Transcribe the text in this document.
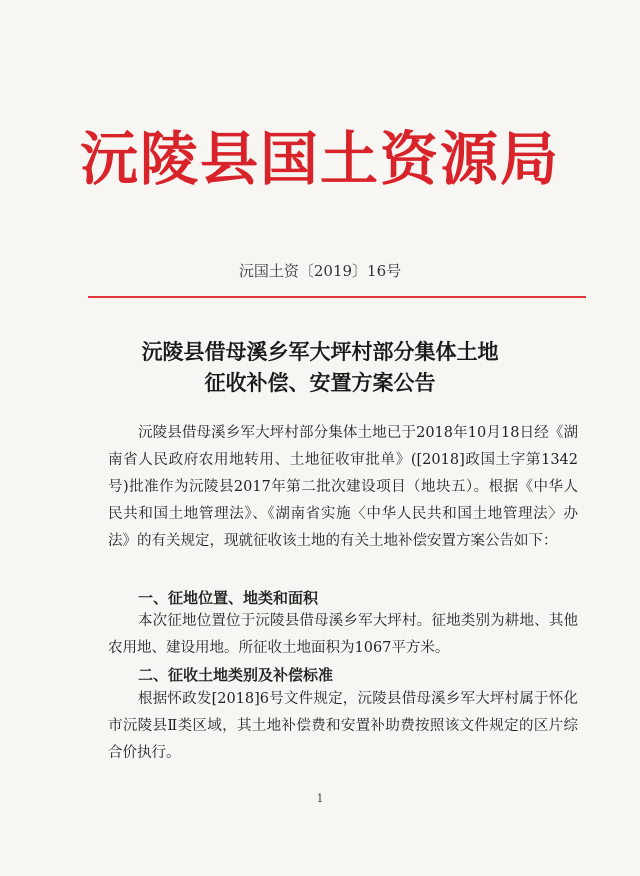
沅陵县国土资源局
沅国土资〔2019〕16号
沅陵县借母溪乡军大坪村部分集体土地
征收补偿、安置方案公告
沅陵县借母溪乡军大坪村部分集体土地已于2018年10月18日经《湖南省人民政府农用地转用、土地征收审批单》([2018]政国土字第1342号)批准作为沅陵县2017年第二批次建设项目（地块五）。根据《中华人民共和国土地管理法》、《湖南省实施〈中华人民共和国土地管理法〉办法》的有关规定，现就征收该土地的有关土地补偿安置方案公告如下：
一、征地位置、地类和面积
本次征地位置位于沅陵县借母溪乡军大坪村。征地类别为耕地、其他农用地、建设用地。所征收土地面积为1067平方米。
二、征收土地类别及补偿标准
根据怀政发[2018]6号文件规定，沅陵县借母溪乡军大坪村属于怀化市沅陵县Ⅱ类区域，其土地补偿费和安置补助费按照该文件规定的区片综合价执行。
1
